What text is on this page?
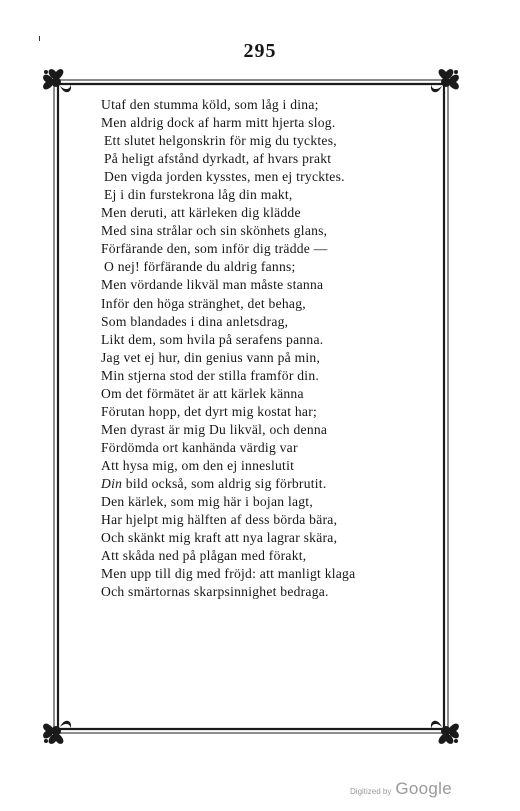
295
Utaf den stumma köld, som låg i dina;
Men aldrig dock af harm mitt hjerta slog.
Ett slutet helgonskrin för mig du tycktes,
På heligt afstånd dyrkadt, af hvars prakt
Den vigda jorden kysstes, men ej trycktes.
Ej i din furstekrona låg din makt,
Men deruti, att kärleken dig klädde
Med sina strålar och sin skönhets glans,
Förfärande den, som inför dig trädde —
O nej! förfärande du aldrig fanns;
Men vördande likväl man måste stanna
Inför den höga stränghet, det behag,
Som blandades i dina anletsdrag,
Likt dem, som hvila på serafens panna.
Jag vet ej hur, din genius vann på min,
Min stjerna stod der stilla framför din.
Om det förmätet är att kärlek känna
Förutan hopp, det dyrt mig kostat har;
Men dyrast är mig Du likväl, och denna
Fördömda ort kanhända värdig var
Att hysa mig, om den ej inneslutit
Din bild också, som aldrig sig förbrutit.
Den kärlek, som mig här i bojan lagt,
Har hjelpt mig hälften af dess börda bära,
Och skänkt mig kraft att nya lagrar skära,
Att skåda ned på plågan med förakt,
Men upp till dig med fröjd: att manligt klaga
Och smärtornas skarpsinnighet bedraga.
Digitized by Google
